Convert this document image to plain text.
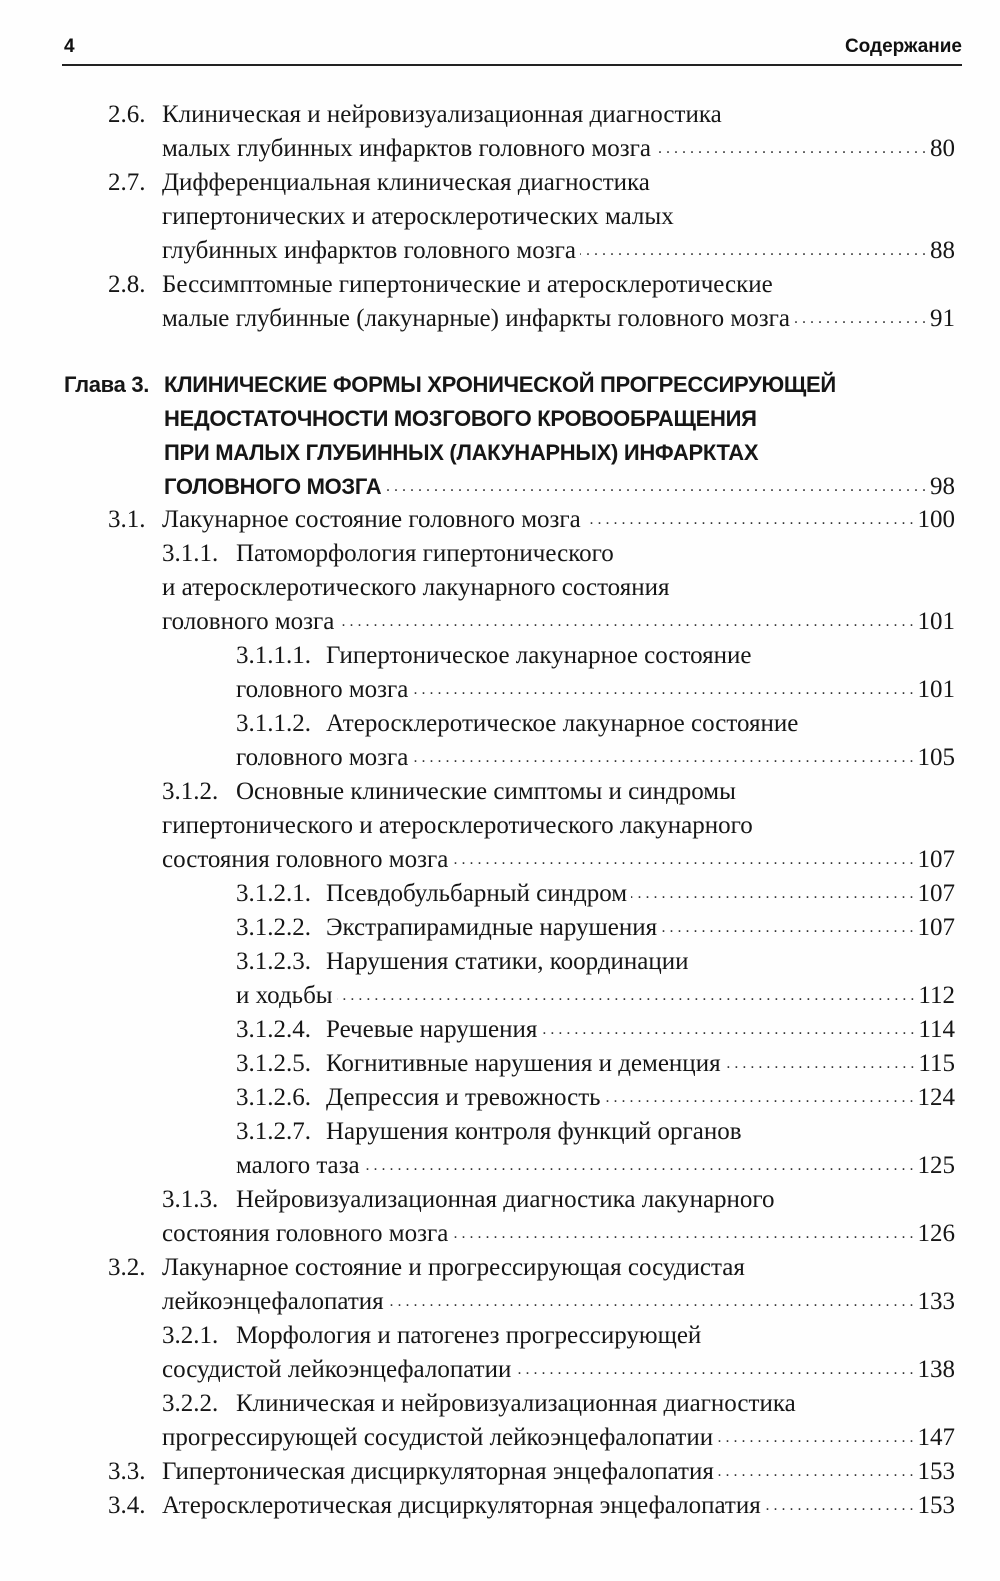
4	Содержание
2.6. Клиническая и нейровизуализационная диагностика
малых глубинных инфарктов головного мозга . . .	80
2.7. Дифференциальная клиническая диагностика
гипертонических и атеросклеротических малых
глубинных инфарктов головного мозга . . .	88
2.8. Бессимптомные гипертонические и атеросклеротические
малые глубинные (лакунарные) инфаркты головного мозга . . .	91
Глава 3. КЛИНИЧЕСКИЕ ФОРМЫ ХРОНИЧЕСКОЙ ПРОГРЕССИРУЮЩЕЙ
НЕДОСТАТОЧНОСТИ МОЗГОВОГО КРОВООБРАЩЕНИЯ
ПРИ МАЛЫХ ГЛУБИННЫХ (ЛАКУНАРНЫХ) ИНФАРКТАХ
ГОЛОВНОГО МОЗГА . . .	98
3.1. Лакунарное состояние головного мозга . . .	100
3.1.1. Патоморфология гипертонического
и атеросклеротического лакунарного состояния
головного мозга . . .	101
3.1.1.1. Гипертоническое лакунарное состояние
головного мозга . . .	101
3.1.1.2. Атеросклеротическое лакунарное состояние
головного мозга . . .	105
3.1.2. Основные клинические симптомы и синдромы
гипертонического и атеросклеротического лакунарного
состояния головного мозга . . .	107
3.1.2.1. Псевдобульбарный синдром . . .	107
3.1.2.2. Экстрапирамидные нарушения . . .	107
3.1.2.3. Нарушения статики, координации
и ходьбы . . .	112
3.1.2.4. Речевые нарушения . . .	114
3.1.2.5. Когнитивные нарушения и деменция . . .	115
3.1.2.6. Депрессия и тревожность . . .	124
3.1.2.7. Нарушения контроля функций органов
малого таза . . .	125
3.1.3. Нейровизуализационная диагностика лакунарного
состояния головного мозга . . .	126
3.2. Лакунарное состояние и прогрессирующая сосудистая
лейкоэнцефалопатия . . .	133
3.2.1. Морфология и патогенез прогрессирующей
сосудистой лейкоэнцефалопатии . . .	138
3.2.2. Клиническая и нейровизуализационная диагностика
прогрессирующей сосудистой лейкоэнцефалопатии . . .	147
3.3. Гипертоническая дисциркуляторная энцефалопатия . . .	153
3.4. Атеросклеротическая дисциркуляторная энцефалопатия . . .	153
